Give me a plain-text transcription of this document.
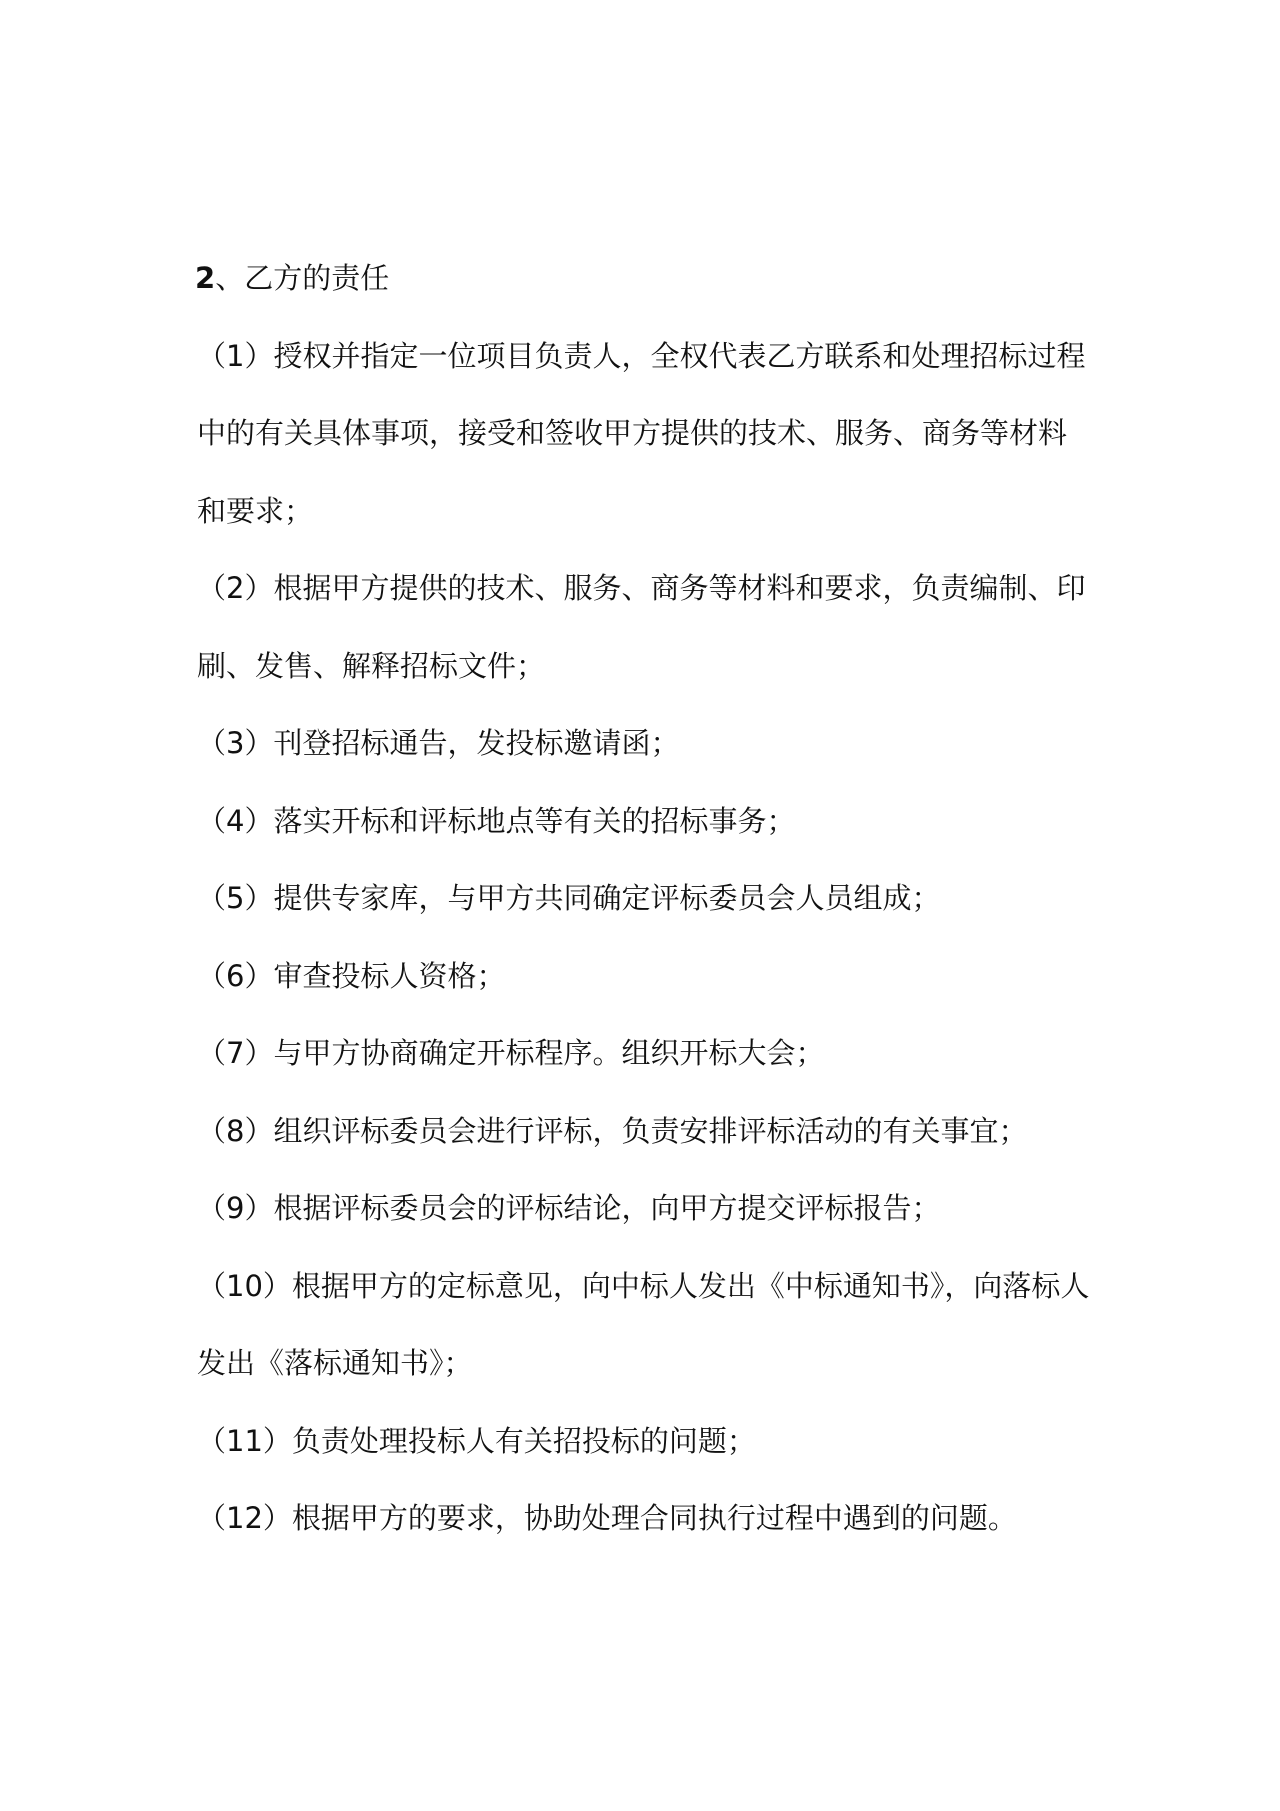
2、乙方的责任

（1）授权并指定一位项目负责人，全权代表乙方联系和处理招标过程中的有关具体事项，接受和签收甲方提供的技术、服务、商务等材料和要求；

（2）根据甲方提供的技术、服务、商务等材料和要求，负责编制、印刷、发售、解释招标文件；

（3）刊登招标通告，发投标邀请函；

（4）落实开标和评标地点等有关的招标事务；

（5）提供专家库，与甲方共同确定评标委员会人员组成；

（6）审查投标人资格；

（7）与甲方协商确定开标程序。组织开标大会；

（8）组织评标委员会进行评标，负责安排评标活动的有关事宜；

（9）根据评标委员会的评标结论，向甲方提交评标报告；

（10）根据甲方的定标意见，向中标人发出《中标通知书》，向落标人发出《落标通知书》；

（11）负责处理投标人有关招投标的问题；

（12）根据甲方的要求，协助处理合同执行过程中遇到的问题。
